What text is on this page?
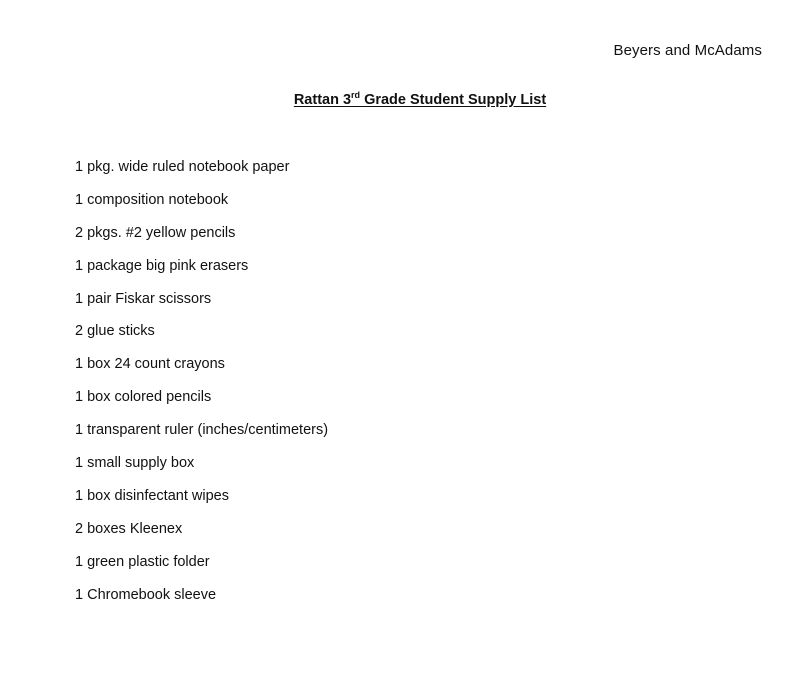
Beyers and McAdams
Rattan 3rd Grade Student Supply List
1 pkg. wide ruled notebook paper
1 composition notebook
2 pkgs. #2 yellow pencils
1 package big pink erasers
1 pair Fiskar scissors
2 glue sticks
1 box 24 count crayons
1 box colored pencils
1 transparent ruler (inches/centimeters)
1 small supply box
1 box disinfectant wipes
2 boxes Kleenex
1 green plastic folder
1 Chromebook sleeve
